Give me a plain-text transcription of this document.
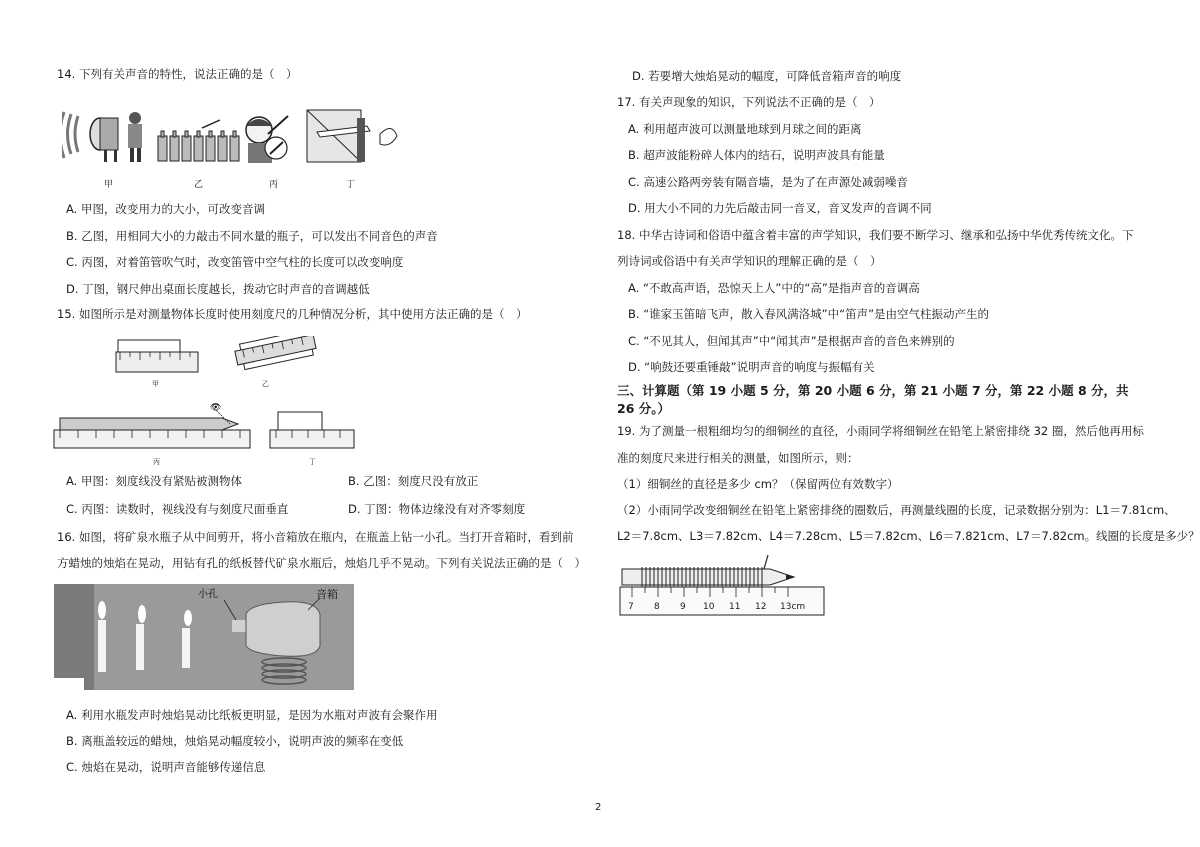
14. 下列有关声音的特性，说法正确的是（　）
甲	乙	丙	丁
A. 甲图，改变用力的大小，可改变音调
B. 乙图，用相同大小的力敲击不同水量的瓶子，可以发出不同音色的声音
C. 丙图，对着笛管吹气时，改变笛管中空气柱的长度可以改变响度
D. 丁图，钢尺伸出桌面长度越长，拨动它时声音的音调越低
15. 如图所示是对测量物体长度时使用刻度尺的几种情况分析，其中使用方法正确的是（　）
甲	乙
👁
丙	丁
A. 甲图：刻度线没有紧贴被测物体	B. 乙图：刻度尺没有放正
C. 丙图：读数时，视线没有与刻度尺面垂直	D. 丁图：物体边缘没有对齐零刻度
16. 如图，将矿泉水瓶子从中间剪开，将小音箱放在瓶内，在瓶盖上钻一小孔。当打开音箱时，看到前
方蜡烛的烛焰在晃动，用钻有孔的纸板替代矿泉水瓶后，烛焰几乎不晃动。下列有关说法正确的是（　）
小孔	音箱
A. 利用水瓶发声时烛焰晃动比纸板更明显，是因为水瓶对声波有会聚作用
B. 离瓶盖较远的蜡烛，烛焰晃动幅度较小，说明声波的频率在变低
C. 烛焰在晃动，说明声音能够传递信息
D. 若要增大烛焰晃动的幅度，可降低音箱声音的响度
17. 有关声现象的知识，下列说法不正确的是（　）
A. 利用超声波可以测量地球到月球之间的距离
B. 超声波能粉碎人体内的结石，说明声波具有能量
C. 高速公路两旁装有隔音墙，是为了在声源处减弱噪音
D. 用大小不同的力先后敲击同一音叉，音叉发声的音调不同
18. 中华古诗词和俗语中蕴含着丰富的声学知识，我们要不断学习、继承和弘扬中华优秀传统文化。下
列诗词或俗语中有关声学知识的理解正确的是（　）
A. “不敢高声语，恐惊天上人”中的“高”是指声音的音调高
B. “谁家玉笛暗飞声，散入春风满洛城”中“笛声”是由空气柱振动产生的
C. “不见其人，但闻其声”中“闻其声”是根据声音的音色来辨别的
D. “响鼓还要重锤敲”说明声音的响度与振幅有关
三、计算题（第 19 小题 5 分，第 20 小题 6 分，第 21 小题 7 分，第 22 小题 8 分，共
26 分。）
19. 为了测量一根粗细均匀的细铜丝的直径，小雨同学将细铜丝在铅笔上紧密排绕 32 圈，然后他再用标
准的刻度尺来进行相关的测量，如图所示，则：
（1）细铜丝的直径是多少 cm？（保留两位有效数字）
（2）小雨同学改变细铜丝在铅笔上紧密排绕的圈数后，再测量线圈的长度，记录数据分别为：L1＝7.81cm、
L2＝7.8cm、L3＝7.82cm、L4＝7.28cm、L5＝7.82cm、L6＝7.821cm、L7＝7.82cm。线圈的长度是多少？
7 8 9 10 11 12 13cm
2
